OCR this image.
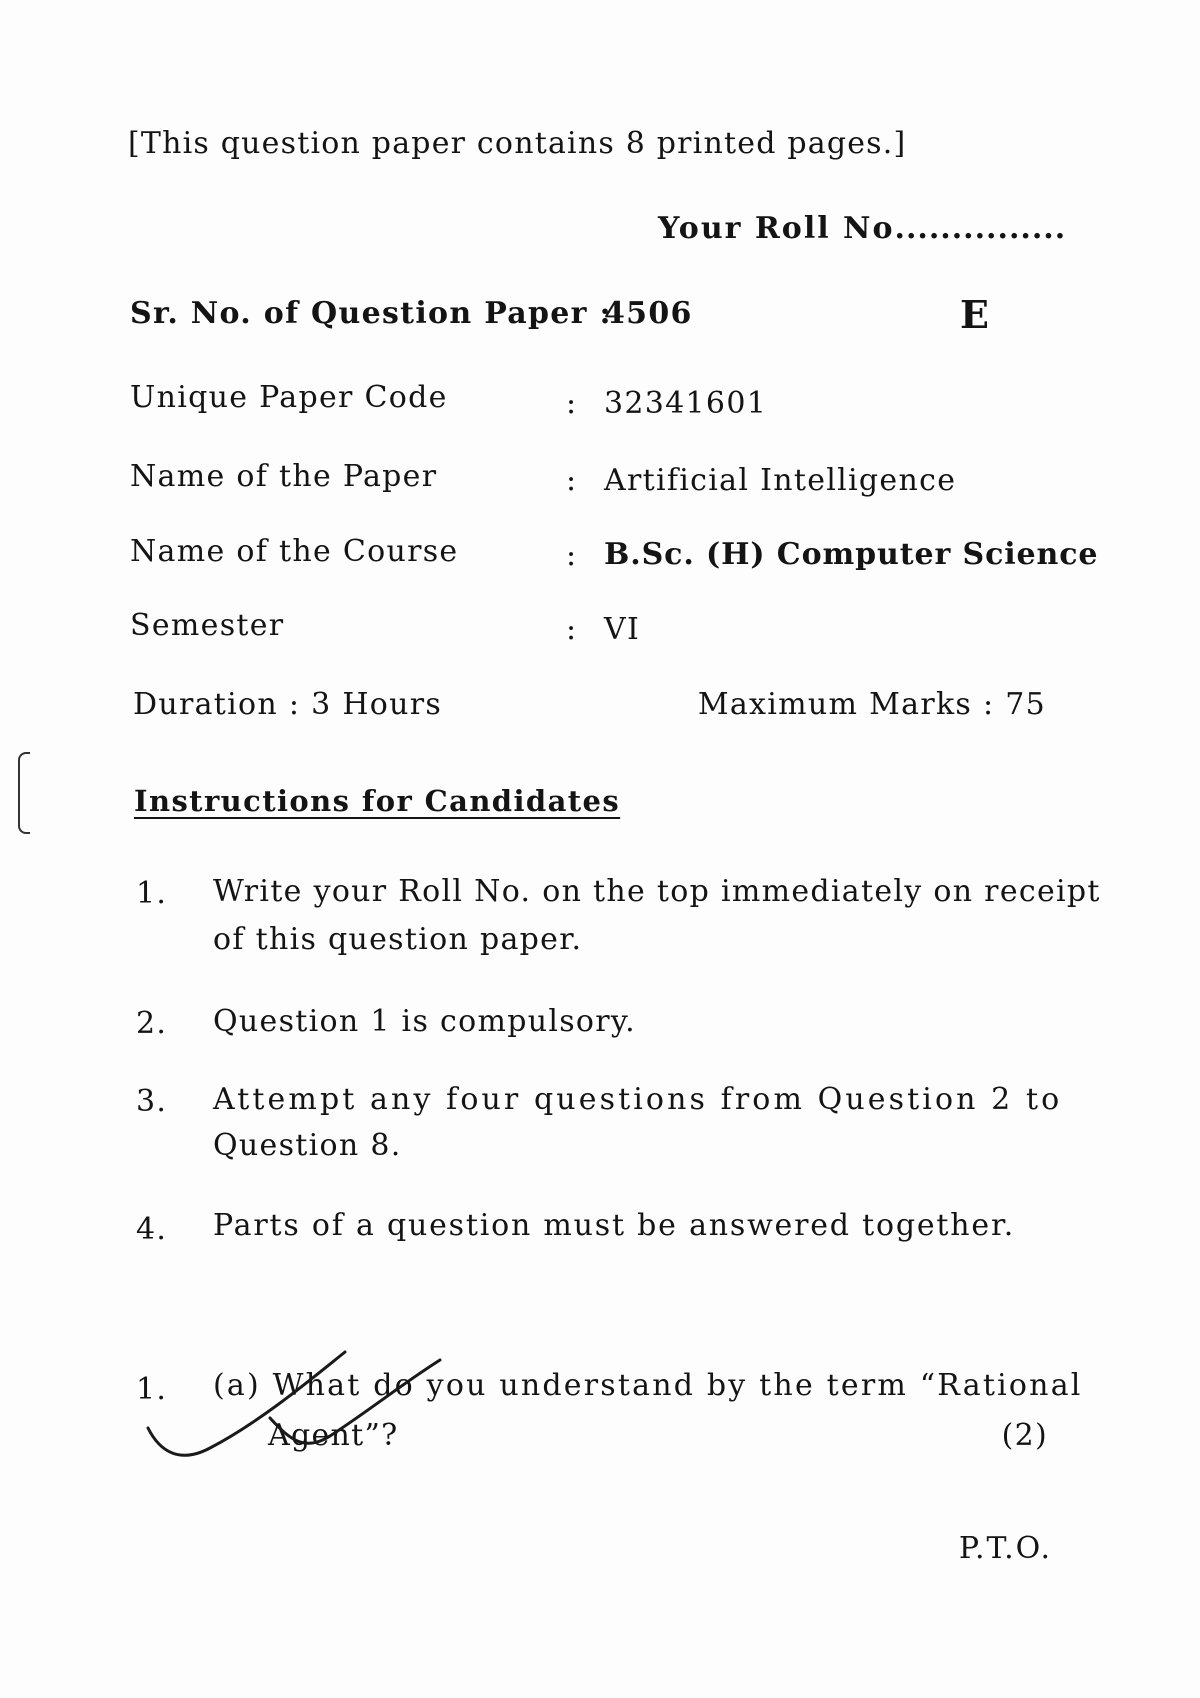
[This question paper contains 8 printed pages.]
Your Roll No...............
Sr. No. of Question Paper :
4506	E
Unique Paper Code	: 32341601
Name of the Paper	: Artificial Intelligence
Name of the Course	: B.Sc. (H) Computer Science
Semester	: VI
Duration : 3 Hours	Maximum Marks : 75
Instructions for Candidates
1. Write your Roll No. on the top immediately on receipt
of this question paper.
2. Question 1 is compulsory.
3. Attempt any four questions from Question 2 to
Question 8.
4. Parts of a question must be answered together.
1. (a) What do you understand by the term “Rational
Agent”?	(2)
P.T.O.
